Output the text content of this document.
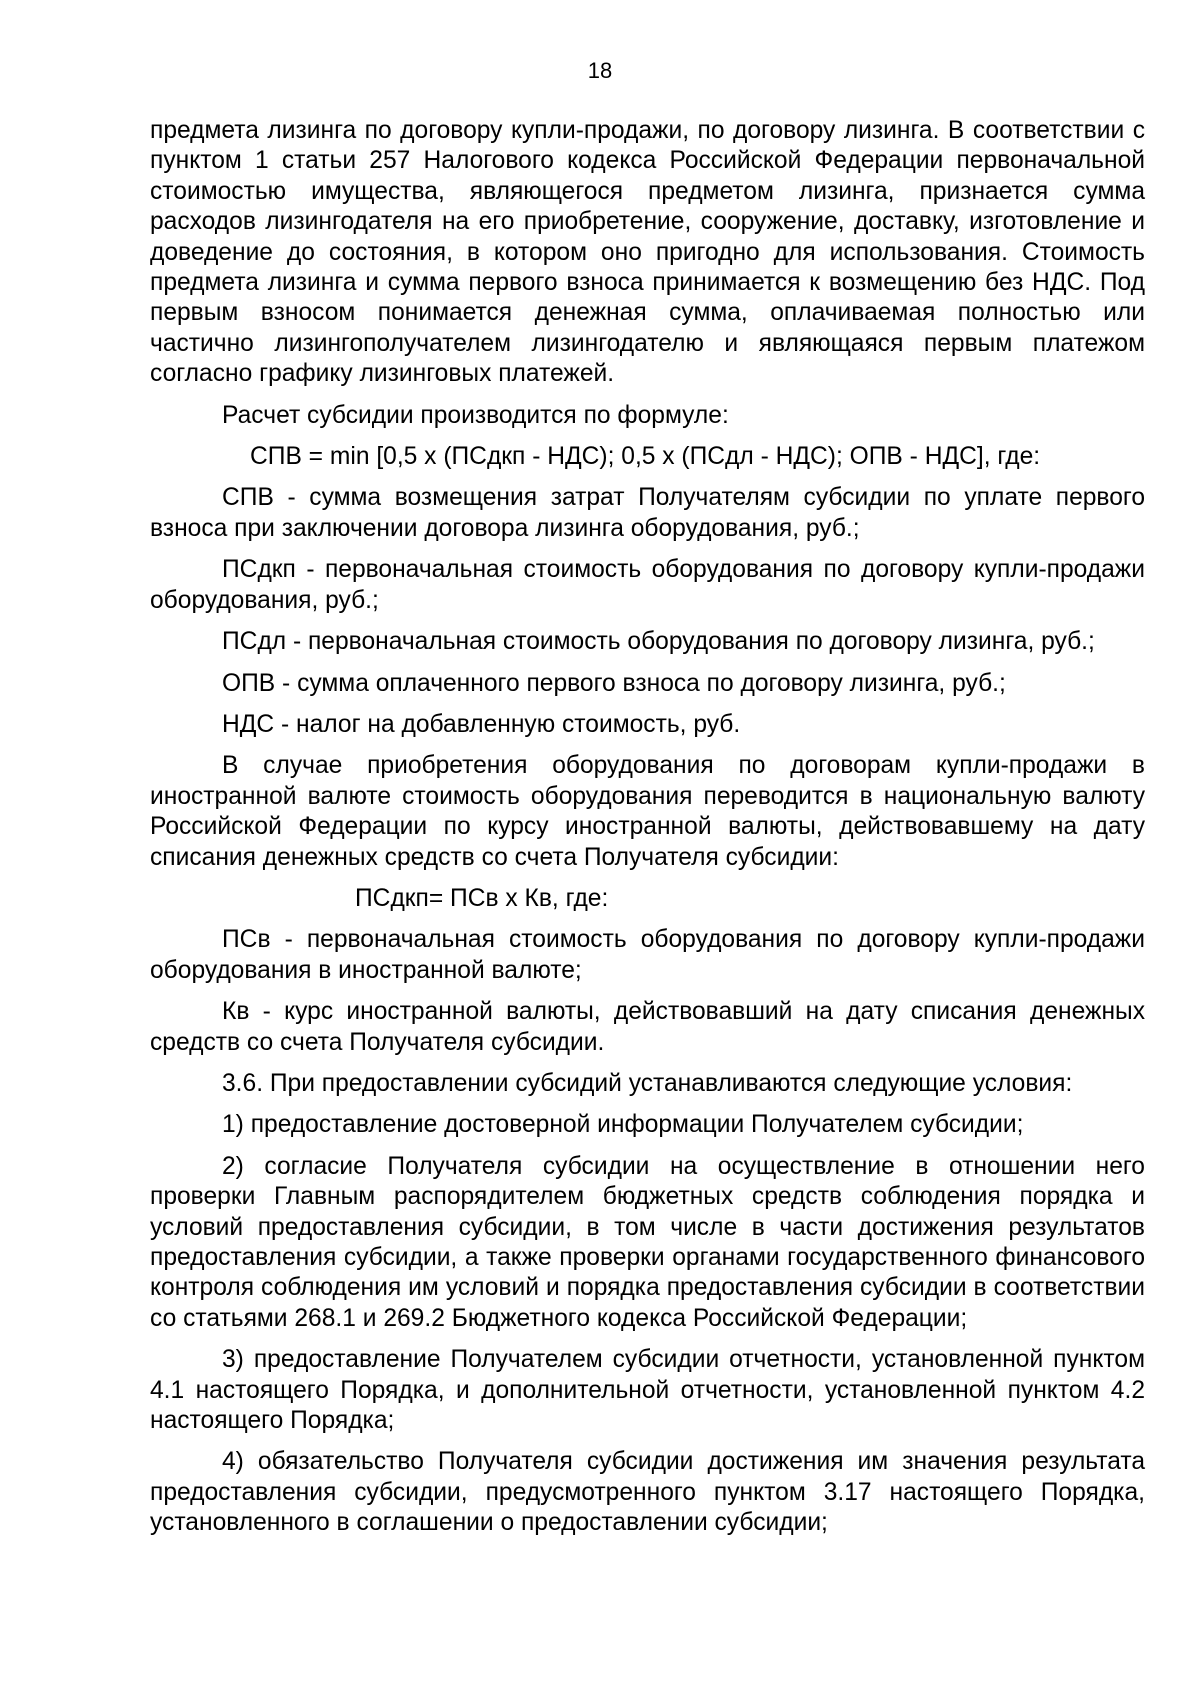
18

предмета лизинга по договору купли-продажи, по договору лизинга. В соответствии с пунктом 1 статьи 257 Налогового кодекса Российской Федерации первоначальной стоимостью имущества, являющегося предметом лизинга, признается сумма расходов лизингодателя на его приобретение, сооружение, доставку, изготовление и доведение до состояния, в котором оно пригодно для использования. Стоимость предмета лизинга и сумма первого взноса принимается к возмещению без НДС. Под первым взносом понимается денежная сумма, оплачиваемая полностью или частично лизингополучателем лизингодателю и являющаяся первым платежом согласно графику лизинговых платежей.

Расчет субсидии производится по формуле:

СПВ = min [0,5 x (ПСдкп - НДС); 0,5 x (ПСдл - НДС); ОПВ - НДС], где:

СПВ - сумма возмещения затрат Получателям субсидии по уплате первого взноса при заключении договора лизинга оборудования, руб.;

ПСдкп - первоначальная стоимость оборудования по договору купли-продажи оборудования, руб.;

ПСдл - первоначальная стоимость оборудования по договору лизинга, руб.;

ОПВ - сумма оплаченного первого взноса по договору лизинга, руб.;

НДС - налог на добавленную стоимость, руб.

В случае приобретения оборудования по договорам купли-продажи в иностранной валюте стоимость оборудования переводится в национальную валюту Российской Федерации по курсу иностранной валюты, действовавшему на дату списания денежных средств со счета Получателя субсидии:

ПСдкп= ПСв x Кв, где:

ПСв - первоначальная стоимость оборудования по договору купли-продажи оборудования в иностранной валюте;

Кв - курс иностранной валюты, действовавший на дату списания денежных средств со счета Получателя субсидии.

3.6. При предоставлении субсидий устанавливаются следующие условия:

1) предоставление достоверной информации Получателем субсидии;

2) согласие Получателя субсидии на осуществление в отношении него проверки Главным распорядителем бюджетных средств соблюдения порядка и условий предоставления субсидии, в том числе в части достижения результатов предоставления субсидии, а также проверки органами государственного финансового контроля соблюдения им условий и порядка предоставления субсидии в соответствии со статьями 268.1 и 269.2 Бюджетного кодекса Российской Федерации;

3) предоставление Получателем субсидии отчетности, установленной пунктом 4.1 настоящего Порядка, и дополнительной отчетности, установленной пунктом 4.2 настоящего Порядка;

4) обязательство Получателя субсидии достижения им значения результата предоставления субсидии, предусмотренного пунктом 3.17 настоящего Порядка, установленного в соглашении о предоставлении субсидии;
